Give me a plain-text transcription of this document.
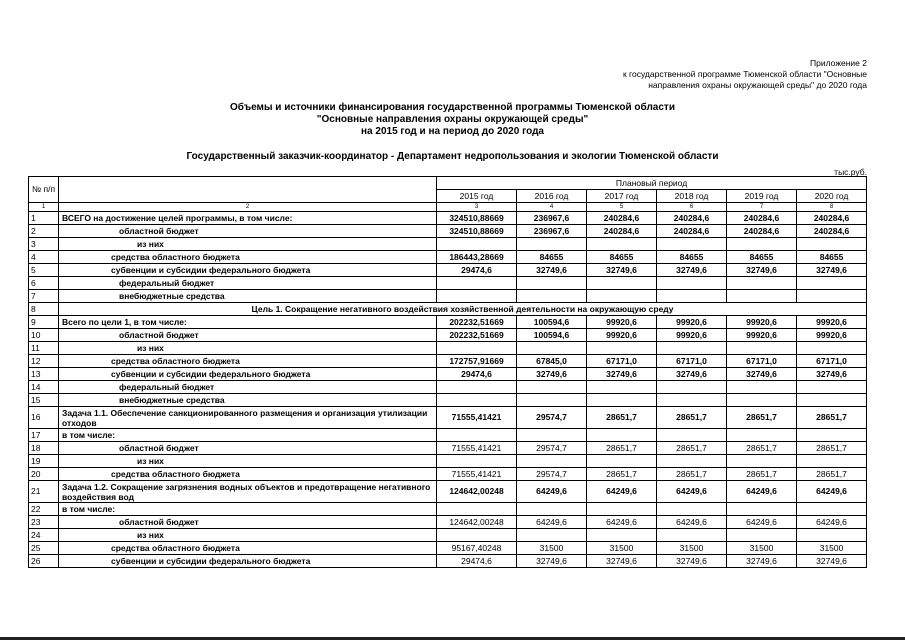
Приложение 2
к государственной программе Тюменской области "Основные
направления охраны окружающей среды" до 2020 года
Объемы и источники финансирования государственной программы Тюменской области
"Основные направления охраны окружающей среды"
на 2015 год и на период до 2020 года
Государственный заказчик-координатор - Департамент недропользования и экологии Тюменской области
тыс.руб.
№ п/п		Плановый период					
		2015 год	2016 год	2017 год	2018 год	2019 год	2020 год
1	2	3	4	5	6	7	8
1	ВСЕГО на достижение целей программы, в том числе:	324510,88669	236967,6	240284,6	240284,6	240284,6	240284,6
2	областной бюджет	324510,88669	236967,6	240284,6	240284,6	240284,6	240284,6
3	из них						
4	средства областного бюджета	186443,28669	84655	84655	84655	84655	84655
5	субвенции и субсидии федерального бюджета	29474,6	32749,6	32749,6	32749,6	32749,6	32749,6
6	федеральный бюджет						
7	внебюджетные средства						
8	Цель 1. Сокращение негативного воздействия хозяйственной деятельности на окружающую среду						
9	Всего по цели 1, в том числе:	202232,51669	100594,6	99920,6	99920,6	99920,6	99920,6
10	областной бюджет	202232,51669	100594,6	99920,6	99920,6	99920,6	99920,6
11	из них						
12	средства областного бюджета	172757,91669	67845,0	67171,0	67171,0	67171,0	67171,0
13	субвенции и субсидии федерального бюджета	29474,6	32749,6	32749,6	32749,6	32749,6	32749,6
14	федеральный бюджет						
15	внебюджетные средства						
16	Задача 1.1. Обеспечение санкционированного размещения и организация утилизации отходов	71555,41421	29574,7	28651,7	28651,7	28651,7	28651,7
17	в том числе:						
18	областной бюджет	71555,41421	29574,7	28651,7	28651,7	28651,7	28651,7
19	из них						
20	средства областного бюджета	71555,41421	29574,7	28651,7	28651,7	28651,7	28651,7
21	Задача 1.2. Сокращение загрязнения водных объектов и предотвращение негативного воздействия вод	124642,00248	64249,6	64249,6	64249,6	64249,6	64249,6
22	в том числе:						
23	областной бюджет	124642,00248	64249,6	64249,6	64249,6	64249,6	64249,6
24	из них						
25	средства областного бюджета	95167,40248	31500	31500	31500	31500	31500
26	субвенции и субсидии федерального бюджета	29474,6	32749,6	32749,6	32749,6	32749,6	32749,6
